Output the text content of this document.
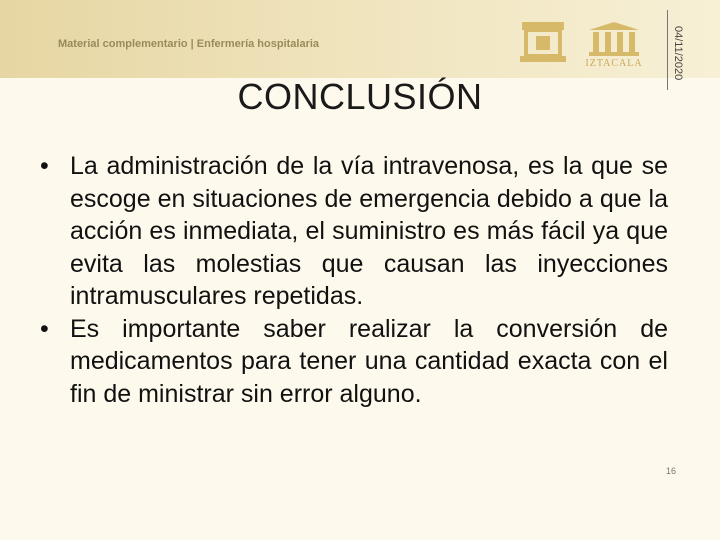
Material complementario | Enfermería hospitalaria
IZTACALA	04/11/2020
CONCLUSIÓN

• La administración de la vía intravenosa, es la que se escoge en situaciones de emergencia debido a que la acción es inmediata, el suministro es más fácil ya que evita las molestias que causan las inyecciones intramusculares repetidas.

• Es importante saber realizar la conversión de medicamentos para tener una cantidad exacta con el fin de ministrar sin error alguno.

16
